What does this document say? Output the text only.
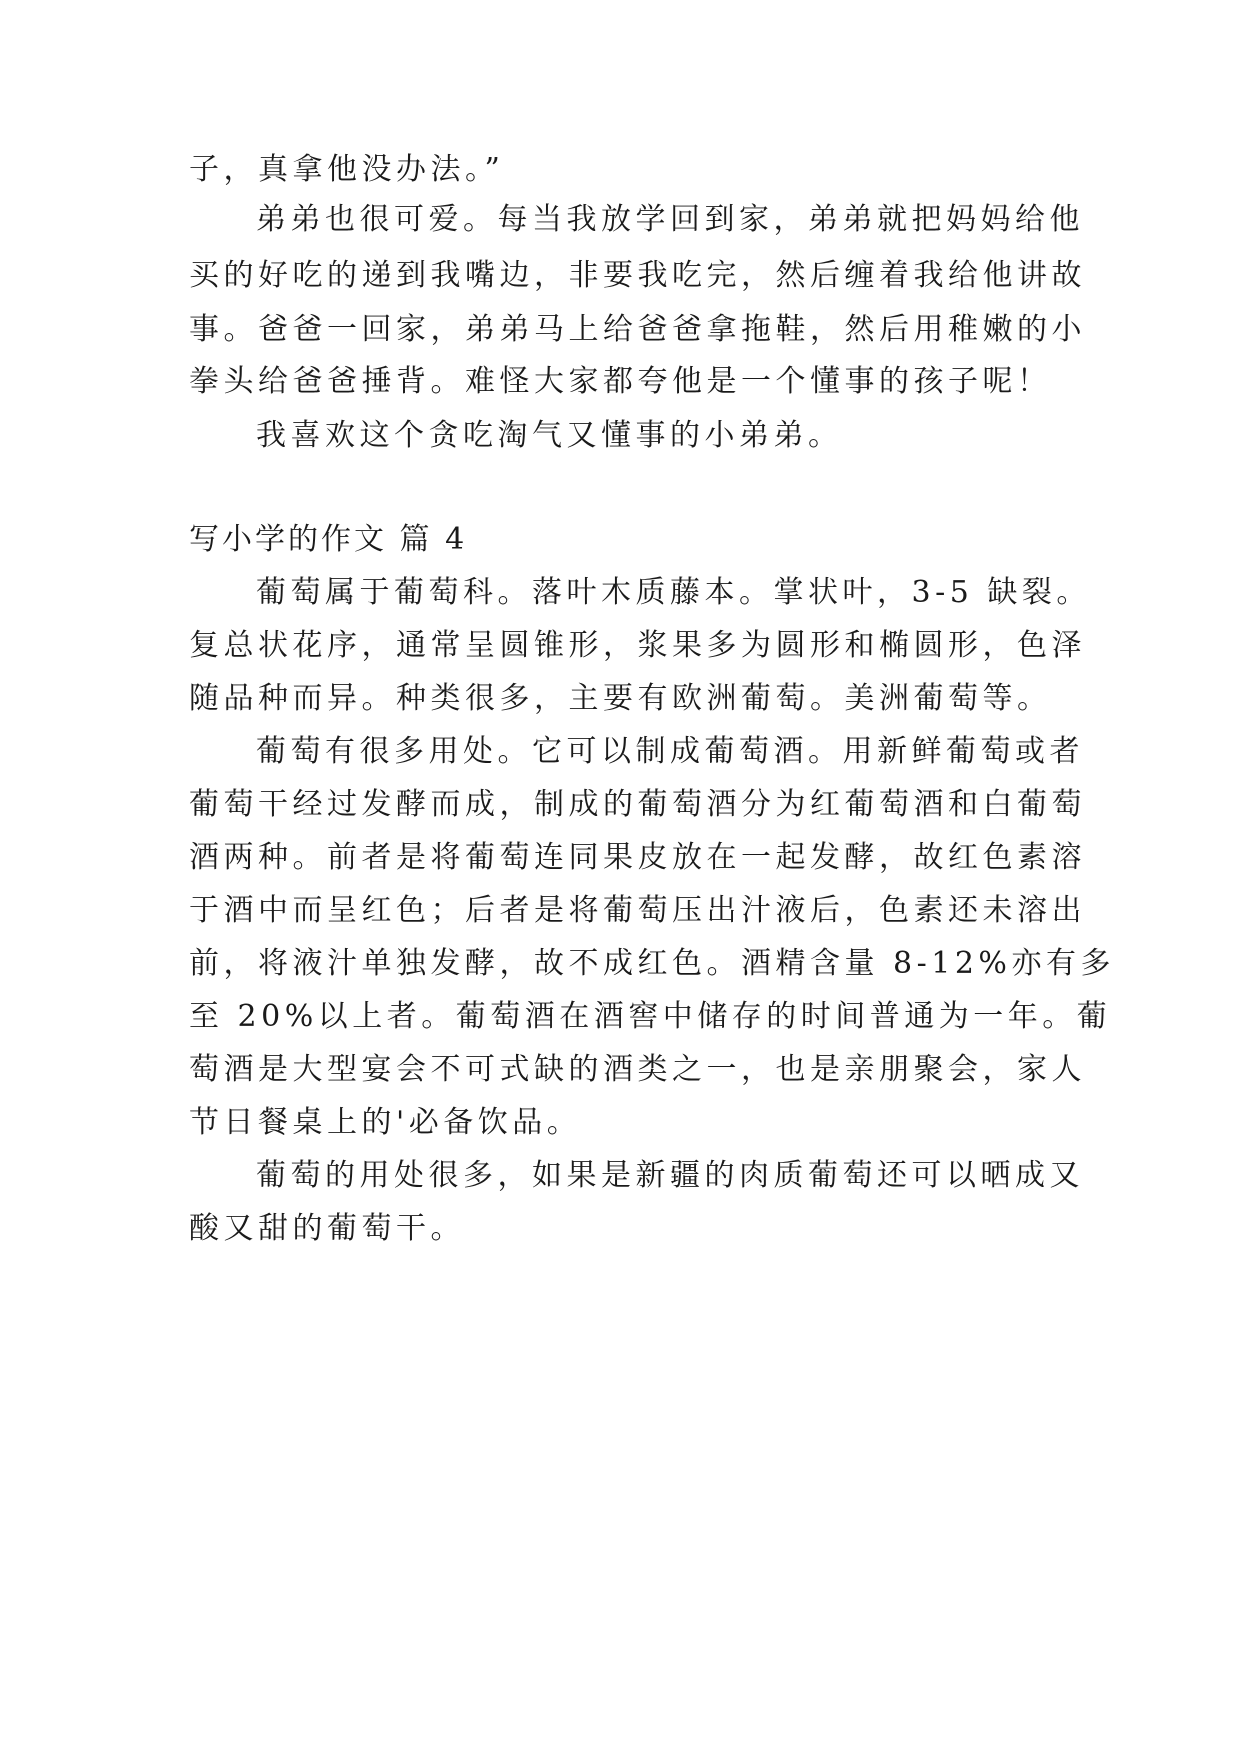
子，真拿他没办法。”

弟弟也很可爱。每当我放学回到家，弟弟就把妈妈给他

买的好吃的递到我嘴边，非要我吃完，然后缠着我给他讲故

事。爸爸一回家，弟弟马上给爸爸拿拖鞋，然后用稚嫩的小

拳头给爸爸捶背。难怪大家都夸他是一个懂事的孩子呢！

我喜欢这个贪吃淘气又懂事的小弟弟。

写小学的作文 篇 4

葡萄属于葡萄科。落叶木质藤本。掌状叶，3-5 缺裂。

复总状花序，通常呈圆锥形，浆果多为圆形和椭圆形，色泽

随品种而异。种类很多，主要有欧洲葡萄。美洲葡萄等。

葡萄有很多用处。它可以制成葡萄酒。用新鲜葡萄或者

葡萄干经过发酵而成，制成的葡萄酒分为红葡萄酒和白葡萄

酒两种。前者是将葡萄连同果皮放在一起发酵，故红色素溶

于酒中而呈红色；后者是将葡萄压出汁液后，色素还未溶出

前，将液汁单独发酵，故不成红色。酒精含量 8-12%亦有多

至 20%以上者。葡萄酒在酒窖中储存的时间普通为一年。葡

萄酒是大型宴会不可式缺的酒类之一，也是亲朋聚会，家人

节日餐桌上的'必备饮品。

葡萄的用处很多，如果是新疆的肉质葡萄还可以晒成又

酸又甜的葡萄干。
